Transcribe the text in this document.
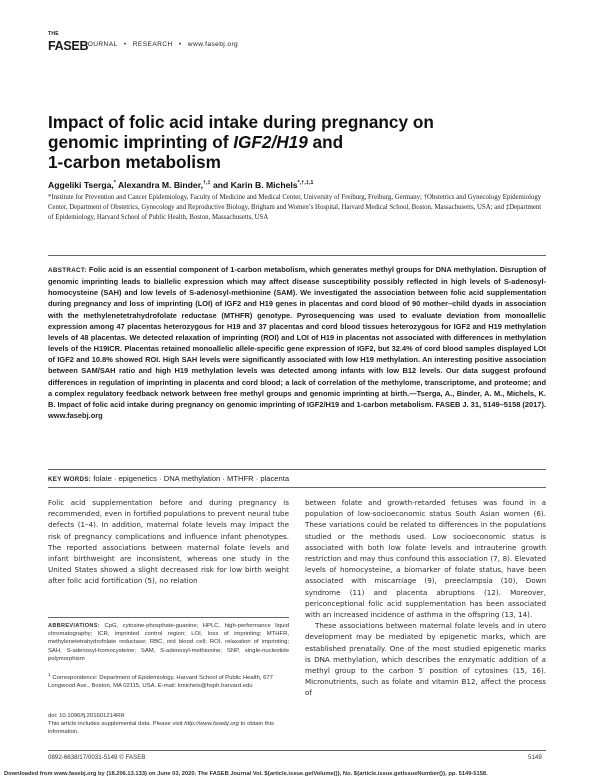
THE
FASEB
JOURNAL • RESEARCH • www.fasebj.org
Impact of folic acid intake during pregnancy on
genomic imprinting of IGF2/H19 and
1-carbon metabolism
Aggeliki Tserga,* Alexandra M. Binder,†,‡ and Karin B. Michels$^{*,\dagger,\ddagger,1}$
*Institute for Prevention and Cancer Epidemiology, Faculty of Medicine and Medical Center, University of Freiburg, Freiburg, Germany; †Obstetrics and Gynecology Epidemiology Center, Department of Obstetrics, Gynecology and Reproductive Biology, Brigham and Women’s Hospital, Harvard Medical School, Boston, Massachusetts, USA; and ‡Department of Epidemiology, Harvard School of Public Health, Boston, Massachusetts, USA
ABSTRACT: Folic acid is an essential component of 1-carbon metabolism, which generates methyl groups for DNA methylation. Disruption of genomic imprinting leads to biallelic expression which may affect disease susceptibility possibly reflected in high levels of S-adenosyl-homocysteine (SAH) and low levels of S-adenosyl-methionine (SAM). We investigated the association between folic acid supplementation during pregnancy and loss of imprinting (LOI) of IGF2 and H19 genes in placentas and cord blood of 90 mother–child dyads in association with the methylenetetrahydrofolate reductase (MTHFR) genotype. Pyrosequencing was used to evaluate deviation from monoallelic expression among 47 placentas heterozygous for H19 and 37 placentas and cord blood tissues heterozygous for IGF2 and H19 methylation levels of 48 placentas. We detected relaxation of imprinting (ROI) and LOI of H19 in placentas not associated with differences in methylation levels of the H19ICR. Placentas retained monoallelic allele-specific gene expression of IGF2, but 32.4% of cord blood samples displayed LOI of IGF2 and 10.8% showed ROI. High SAH levels were significantly associated with low H19 methylation. An interesting positive association between SAM/SAH ratio and high H19 methylation levels was detected among infants with low B12 levels. Our data suggest profound differences in regulation of imprinting in placenta and cord blood; a lack of correlation of the methylome, transcriptome, and proteome; and a complex regulatory feedback network between free methyl groups and genomic imprinting at birth.—Tserga, A., Binder, A. M., Michels, K. B. Impact of folic acid intake during pregnancy on genomic imprinting of IGF2/H19 and 1-carbon metabolism. FASEB J. 31, 5149–5158 (2017). www.fasebj.org
KEY WORDS: folate · epigenetics · DNA methylation · MTHFR · placenta

Folic acid supplementation before and during pregnancy is recommended, even in fortified populations to prevent neural tube defects (1–4). In addition, maternal folate levels may impact the risk of pregnancy complications and influence infant phenotypes. The reported associations between maternal folate levels and infant birthweight are inconsistent, whereas one study in the United States showed a slight decreased risk for low birth weight after folic acid fortification (5), no relation

between folate and growth-retarded fetuses was found in a population of low-socioeconomic status South Asian women (6). These variations could be related to differences in the populations studied or the methods used. Low socioeconomic status is associated with both low folate levels and intrauterine growth restriction and may thus confound this association (7, 8). Elevated levels of homocysteine, a biomarker of folate status, have been associated with miscarriage (9), preeclampsia (10), Down syndrome (11) and placenta abruptions (12). Moreover, periconceptional folic acid supplementation has been associated with an increased incidence of asthma in the offspring (13, 14).

These associations between maternal folate levels and in utero development may be mediated by epigenetic marks, which are established prenatally. One of the most studied epigenetic marks is DNA methylation, which describes the enzymatic addition of a methyl group to the carbon 5′ position of cytosines (15, 16). Micronutrients, such as folate and vitamin B12, affect the process of

ABBREVIATIONS: CpG, cytosine-phosphate-guanine; HPLC, high-performance liquid chromatography; ICR, imprinted control region; LOI, loss of imprinting; MTHFR, methylenetetrahydrofolate reductase; RBC, red blood cell; ROI, relaxation of imprinting; SAH, S-adenosyl-homocysteine; SAM, S-adenosyl-methionine; SNP, single-nucleotide polymorphism
$^1$ Correspondence: Department of Epidemiology, Harvard School of Public Health, 677 Longwood Ave., Boston, MA 02115, USA. E-mail: kmichels@hsph.harvard.edu
doi: 10.1096/fj.201601214RR
This article includes supplemental data. Please visit http://www.fasebj.org to obtain this information.
0892-6638/17/0031-5149 © FASEB	5149
Downloaded from www.fasebj.org by (18.206.13.133) on June 03, 2020. The FASEB Journal Vol. ${article.issue.getVolume()}, No. ${article.issue.getIssueNumber()}, pp. 5149-5158.
